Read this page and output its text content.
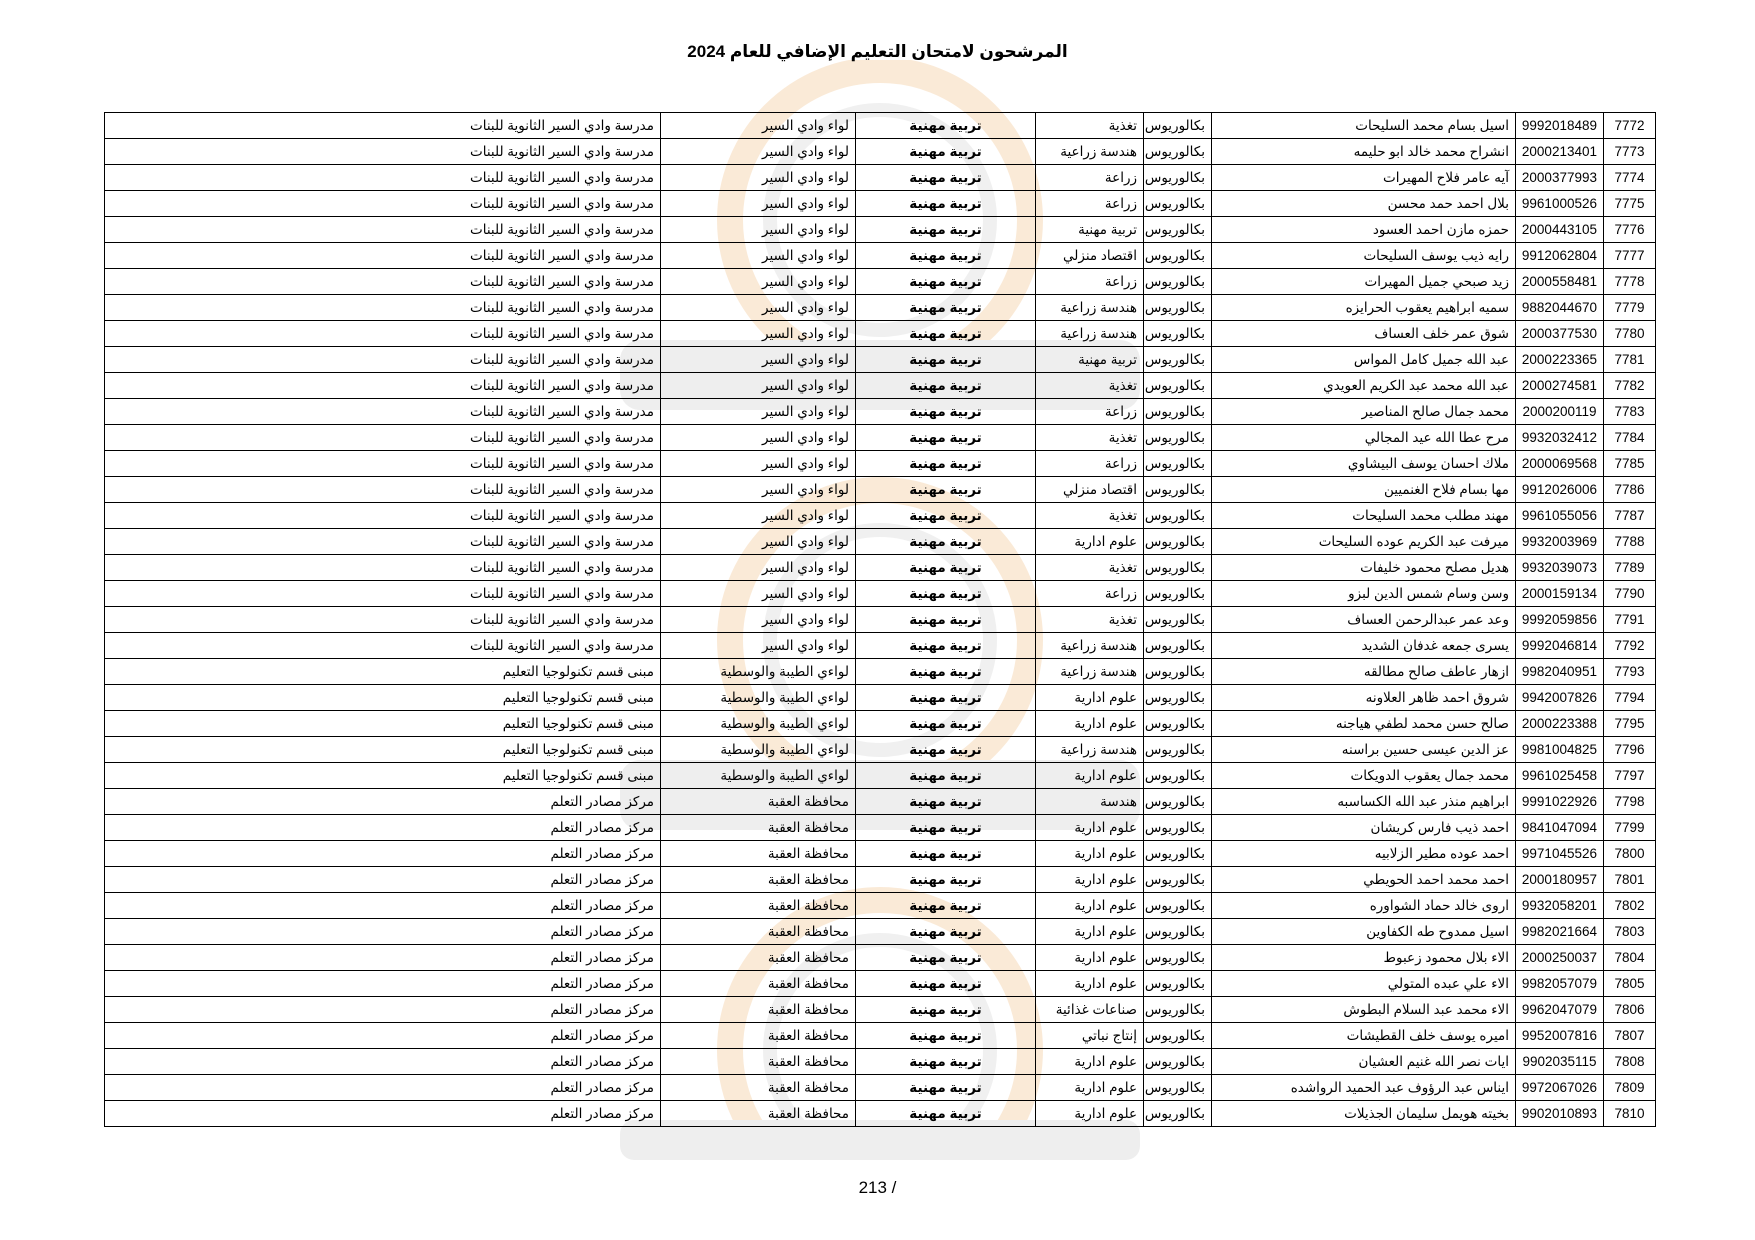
المرشحون لامتحان التعليم الإضافي للعام 2024
7772	9992018489	اسيل بسام محمد السليحات	بكالوريوس	تغذية	تربية مهنية	لواء وادي السير	مدرسة وادي السير الثانوية للبنات
7773	2000213401	انشراح محمد خالد ابو حليمه	بكالوريوس	هندسة زراعية	تربية مهنية	لواء وادي السير	مدرسة وادي السير الثانوية للبنات
7774	2000377993	آيه عامر فلاح المهيرات	بكالوريوس	زراعة	تربية مهنية	لواء وادي السير	مدرسة وادي السير الثانوية للبنات
7775	9961000526	بلال احمد حمد محسن	بكالوريوس	زراعة	تربية مهنية	لواء وادي السير	مدرسة وادي السير الثانوية للبنات
7776	2000443105	حمزه مازن احمد العسود	بكالوريوس	تربية مهنية	تربية مهنية	لواء وادي السير	مدرسة وادي السير الثانوية للبنات
7777	9912062804	رايه ذيب يوسف السليحات	بكالوريوس	اقتصاد منزلي	تربية مهنية	لواء وادي السير	مدرسة وادي السير الثانوية للبنات
7778	2000558481	زيد صبحي جميل المهيرات	بكالوريوس	زراعة	تربية مهنية	لواء وادي السير	مدرسة وادي السير الثانوية للبنات
7779	9882044670	سميه ابراهيم يعقوب الحرايزه	بكالوريوس	هندسة زراعية	تربية مهنية	لواء وادي السير	مدرسة وادي السير الثانوية للبنات
7780	2000377530	شوق عمر خلف العساف	بكالوريوس	هندسة زراعية	تربية مهنية	لواء وادي السير	مدرسة وادي السير الثانوية للبنات
7781	2000223365	عبد الله جميل كامل المواس	بكالوريوس	تربية مهنية	تربية مهنية	لواء وادي السير	مدرسة وادي السير الثانوية للبنات
7782	2000274581	عبد الله محمد عبد الكريم العويدي	بكالوريوس	تغذية	تربية مهنية	لواء وادي السير	مدرسة وادي السير الثانوية للبنات
7783	2000200119	محمد جمال صالح المناصير	بكالوريوس	زراعة	تربية مهنية	لواء وادي السير	مدرسة وادي السير الثانوية للبنات
7784	9932032412	مرح عطا الله عيد المجالي	بكالوريوس	تغذية	تربية مهنية	لواء وادي السير	مدرسة وادي السير الثانوية للبنات
7785	2000069568	ملاك احسان يوسف البيشاوي	بكالوريوس	زراعة	تربية مهنية	لواء وادي السير	مدرسة وادي السير الثانوية للبنات
7786	9912026006	مها بسام فلاح الغنميين	بكالوريوس	اقتصاد منزلي	تربية مهنية	لواء وادي السير	مدرسة وادي السير الثانوية للبنات
7787	9961055056	مهند مطلب محمد السليحات	بكالوريوس	تغذية	تربية مهنية	لواء وادي السير	مدرسة وادي السير الثانوية للبنات
7788	9932003969	ميرفت عبد الكريم عوده السليحات	بكالوريوس	علوم ادارية	تربية مهنية	لواء وادي السير	مدرسة وادي السير الثانوية للبنات
7789	9932039073	هديل مصلح محمود خليفات	بكالوريوس	تغذية	تربية مهنية	لواء وادي السير	مدرسة وادي السير الثانوية للبنات
7790	2000159134	وسن وسام شمس الدين لبزو	بكالوريوس	زراعة	تربية مهنية	لواء وادي السير	مدرسة وادي السير الثانوية للبنات
7791	9992059856	وعد عمر عبدالرحمن العساف	بكالوريوس	تغذية	تربية مهنية	لواء وادي السير	مدرسة وادي السير الثانوية للبنات
7792	9992046814	يسرى جمعه غدفان الشديد	بكالوريوس	هندسة زراعية	تربية مهنية	لواء وادي السير	مدرسة وادي السير الثانوية للبنات
7793	9982040951	ازهار عاطف صالح مطالقه	بكالوريوس	هندسة زراعية	تربية مهنية	لواءي الطيبة والوسطية	مبنى قسم تكنولوجيا التعليم
7794	9942007826	شروق احمد ظاهر العلاونه	بكالوريوس	علوم ادارية	تربية مهنية	لواءي الطيبة والوسطية	مبنى قسم تكنولوجيا التعليم
7795	2000223388	صالح حسن محمد لطفي هياجنه	بكالوريوس	علوم ادارية	تربية مهنية	لواءي الطيبة والوسطية	مبنى قسم تكنولوجيا التعليم
7796	9981004825	عز الدين عيسى حسين براسنه	بكالوريوس	هندسة زراعية	تربية مهنية	لواءي الطيبة والوسطية	مبنى قسم تكنولوجيا التعليم
7797	9961025458	محمد جمال يعقوب الدويكات	بكالوريوس	علوم ادارية	تربية مهنية	لواءي الطيبة والوسطية	مبنى قسم تكنولوجيا التعليم
7798	9991022926	ابراهيم منذر عبد الله الكساسبه	بكالوريوس	هندسة	تربية مهنية	محافظة العقبة	مركز مصادر التعلم
7799	9841047094	احمد ذيب فارس كريشان	بكالوريوس	علوم ادارية	تربية مهنية	محافظة العقبة	مركز مصادر التعلم
7800	9971045526	احمد عوده مطير الزلابيه	بكالوريوس	علوم ادارية	تربية مهنية	محافظة العقبة	مركز مصادر التعلم
7801	2000180957	احمد محمد احمد الحويطي	بكالوريوس	علوم ادارية	تربية مهنية	محافظة العقبة	مركز مصادر التعلم
7802	9932058201	اروى خالد حماد الشواوره	بكالوريوس	علوم ادارية	تربية مهنية	محافظة العقبة	مركز مصادر التعلم
7803	9982021664	اسيل ممدوح طه الكفاوين	بكالوريوس	علوم ادارية	تربية مهنية	محافظة العقبة	مركز مصادر التعلم
7804	2000250037	الاء بلال محمود زعبوط	بكالوريوس	علوم ادارية	تربية مهنية	محافظة العقبة	مركز مصادر التعلم
7805	9982057079	الاء علي عبده المتولي	بكالوريوس	علوم ادارية	تربية مهنية	محافظة العقبة	مركز مصادر التعلم
7806	9962047079	الاء محمد عبد السلام البطوش	بكالوريوس	صناعات غذائية	تربية مهنية	محافظة العقبة	مركز مصادر التعلم
7807	9952007816	اميره يوسف خلف القطيشات	بكالوريوس	إنتاج نباتي	تربية مهنية	محافظة العقبة	مركز مصادر التعلم
7808	9902035115	ايات نصر الله غنيم العشيان	بكالوريوس	علوم ادارية	تربية مهنية	محافظة العقبة	مركز مصادر التعلم
7809	9972067026	ايناس عبد الرؤوف عبد الحميد الرواشده	بكالوريوس	علوم ادارية	تربية مهنية	محافظة العقبة	مركز مصادر التعلم
7810	9902010893	بخيته هويمل سليمان الجذيلات	بكالوريوس	علوم ادارية	تربية مهنية	محافظة العقبة	مركز مصادر التعلم
213 /
